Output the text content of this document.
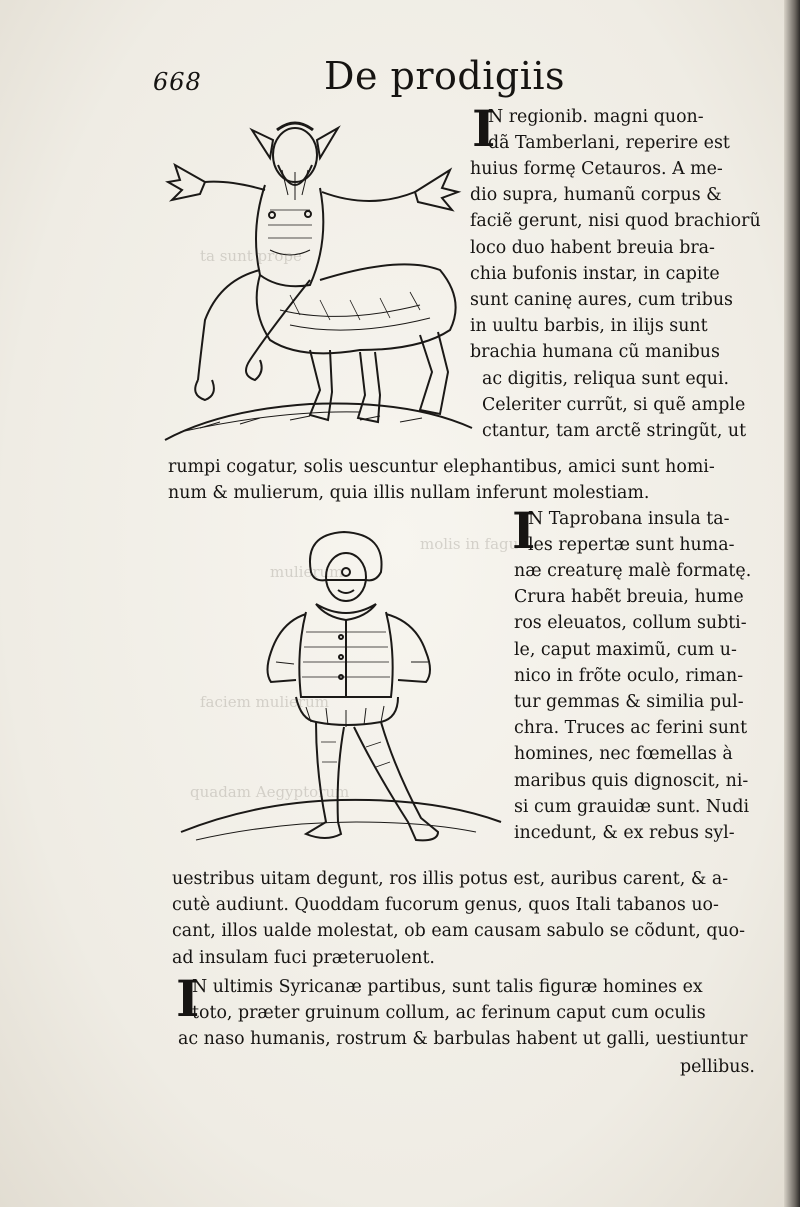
ta sunt prope
mulierum
molis in fagu
faciem mulierum
quadam Aegyptorum
668	De prodigiis
I
N regionib. magni quon-
dã Tamberlani, reperire est
huius formę Cetauros. A me-
dio supra, humanũ corpus &
faciẽ gerunt, nisi quod brachiorũ
loco duo habent breuia bra-
chia bufonis instar, in capite
sunt caninę aures, cum tribus
in uultu barbis, in ilijs sunt
brachia humana cũ manibus
ac digitis, reliqua sunt equi.
Celeriter currũt, si quẽ ample
ctantur, tam arctẽ stringũt, ut
rumpi cogatur, solis uescuntur elephantibus, amici sunt homi-
num & mulierum, quia illis nullam inferunt molestiam.
I
N Taprobana insula ta-
les repertæ sunt huma-
næ creaturę malè formatę.
Crura habẽt breuia, hume
ros eleuatos, collum subti-
le, caput maximũ, cum u-
nico in frõte oculo, riman-
tur gemmas & similia pul-
chra. Truces ac ferini sunt
homines, nec fœmellas à
maribus quis dignoscit, ni-
si cum grauidæ sunt. Nudi
incedunt, & ex rebus syl-
uestribus uitam degunt, ros illis potus est, auribus carent, & a-
cutè audiunt. Quoddam fucorum genus, quos Itali tabanos uo-
cant, illos ualde molestat, ob eam causam sabulo se cõdunt, quo-
ad insulam fuci præteruolent.
I
N ultimis Syricanæ partibus, sunt talis figuræ homines ex
toto, præter gruinum collum, ac ferinum caput cum oculis
ac naso humanis, rostrum & barbulas habent ut galli, uestiuntur
pellibus.
